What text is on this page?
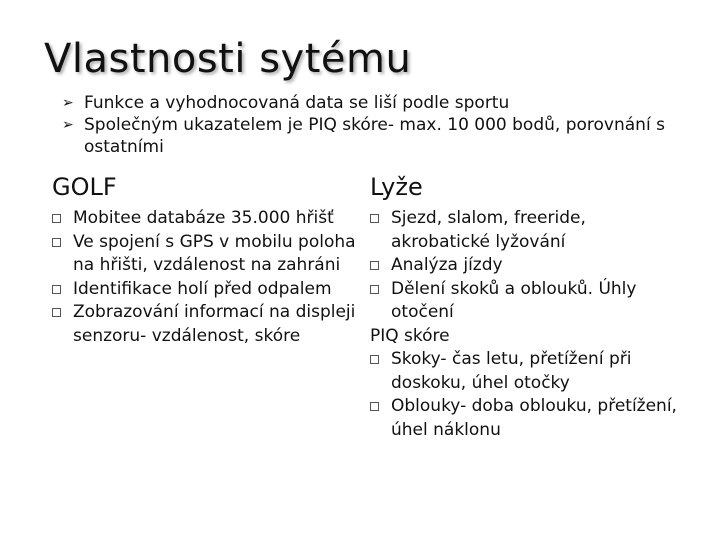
Vlastnosti sytému
➢ Funkce a vyhodnocovaná data se liší podle sportu
➢ Společným ukazatelem je PIQ skóre- max. 10 000 bodů, porovnání s ostatními
GOLF
Mobitee databáze 35.000 hřišť
Ve spojení s GPS v mobilu poloha na hřišti, vzdálenost na zahráni
Identifikace holí před odpalem
Zobrazování informací na displeji senzoru- vzdálenost, skóre
Lyže
Sjezd, slalom, freeride, akrobatické lyžování
Analýza jízdy
Dělení skoků a oblouků. Úhly otočení
PIQ skóre
Skoky- čas letu, přetížení při doskoku, úhel otočky
Oblouky- doba oblouku, přetížení, úhel náklonu
